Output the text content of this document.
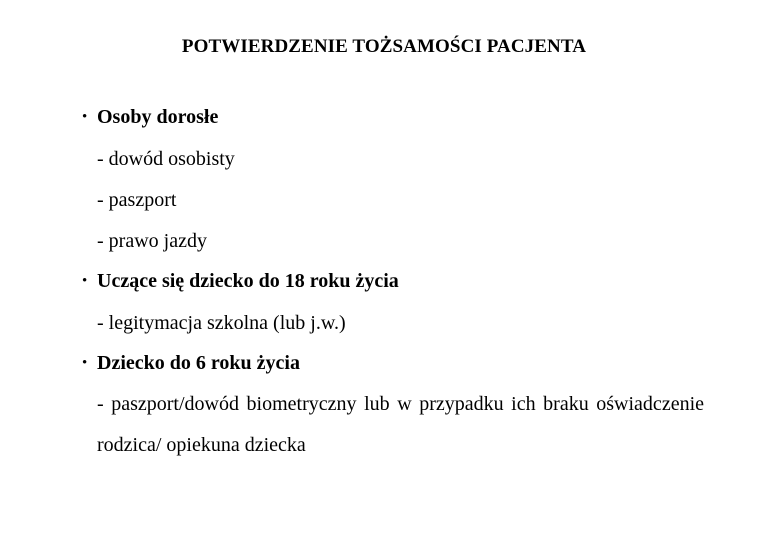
POTWIERDZENIE TOŻSAMOŚCI PACJENTA
• Osoby dorosłe
- dowód osobisty
- paszport
- prawo jazdy
• Uczące się dziecko do 18 roku życia
- legitymacja szkolna (lub j.w.)
• Dziecko do 6 roku życia
- paszport/dowód biometryczny lub w przypadku ich braku oświadczenie rodzica/ opiekuna dziecka
